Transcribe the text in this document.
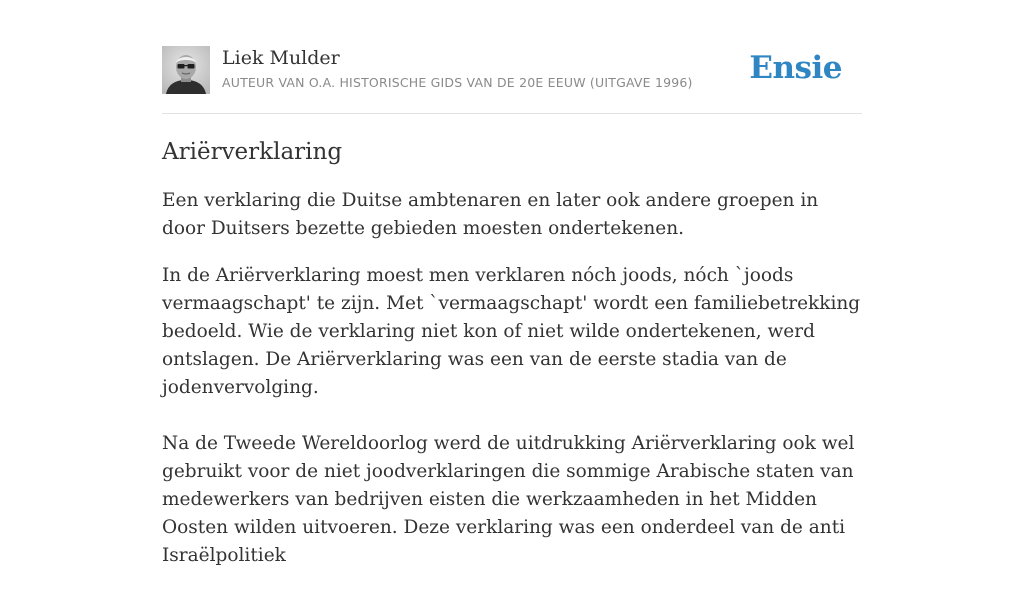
Liek Mulder
AUTEUR VAN O.A. HISTORISCHE GIDS VAN DE 20E EEUW (UITGAVE 1996) Ensie
Ariërverklaring

Een verklaring die Duitse ambtenaren en later ook andere groepen in door Duitsers bezette gebieden moesten ondertekenen.

In de Ariërverklaring moest men verklaren nóch joods, nóch `joods vermaagschapt' te zijn. Met `vermaagschapt' wordt een familiebetrekking bedoeld. Wie de verklaring niet kon of niet wilde ondertekenen, werd ontslagen. De Ariërverklaring was een van de eerste stadia van de jodenvervolging.

Na de Tweede Wereldoorlog werd de uitdrukking Ariërverklaring ook wel gebruikt voor de niet joodverklaringen die sommige Arabische staten van medewerkers van bedrijven eisten die werkzaamheden in het Midden Oosten wilden uitvoeren. Deze verklaring was een onderdeel van de anti Israëlpolitiek
